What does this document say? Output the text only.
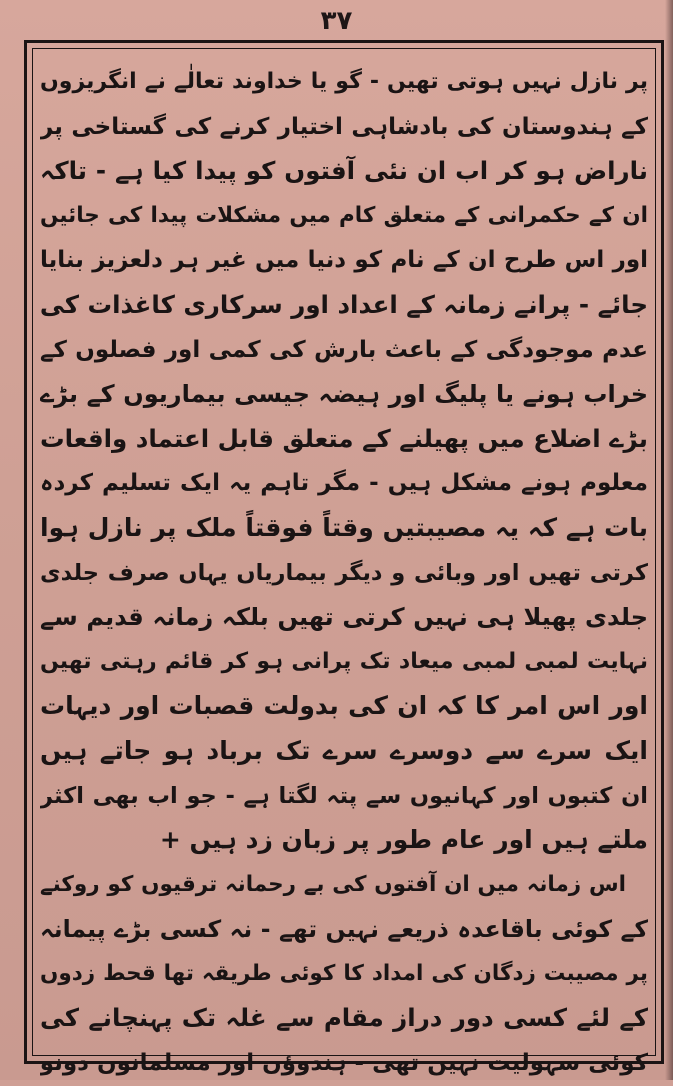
۳۷
پر نازل نہیں ہوتی تھیں - گو یا خداوند تعالٰے نے انگریزوں
کے ہندوستان کی بادشاہی اختیار کرنے کی گستاخی پر
ناراض ہو کر اب ان نئی آفتوں کو پیدا کیا ہے - تاکہ
ان کے حکمرانی کے متعلق کام میں مشکلات پیدا کی جائیں
اور اس طرح ان کے نام کو دنیا میں غیر ہر دلعزیز بنایا
جائے - پرانے زمانہ کے اعداد اور سرکاری کاغذات کی
عدم موجودگی کے باعث بارش کی کمی اور فصلوں کے
خراب ہونے یا پلیگ اور ہیضہ جیسی بیماریوں کے بڑے
بڑے اضلاع میں پھیلنے کے متعلق قابل اعتماد واقعات
معلوم ہونے مشکل ہیں - مگر تاہم یہ ایک تسلیم کردہ
بات ہے کہ یہ مصیبتیں وقتاً فوقتاً ملک پر نازل ہوا
کرتی تھیں اور وبائی و دیگر بیماریاں یہاں صرف جلدی
جلدی پھیلا ہی نہیں کرتی تھیں بلکہ زمانہ قدیم سے
نہایت لمبی لمبی میعاد تک پرانی ہو کر قائم رہتی تھیں
اور اس امر کا کہ ان کی بدولت قصبات اور دیہات
ایک سرے سے دوسرے سرے تک برباد ہو جاتے ہیں
ان کتبوں اور کہانیوں سے پتہ لگتا ہے - جو اب بھی اکثر
ملتے ہیں اور عام طور پر زبان زد ہیں +
اس زمانہ میں ان آفتوں کی بے رحمانہ ترقیوں کو روکنے
کے کوئی باقاعدہ ذریعے نہیں تھے - نہ کسی بڑے پیمانہ
پر مصیبت زدگان کی امداد کا کوئی طریقہ تھا قحط زدوں
کے لئے کسی دور دراز مقام سے غلہ تک پہنچانے کی
کوئی سہولیت نہیں تھی - ہندوؤں اور مسلمانوں دونو
